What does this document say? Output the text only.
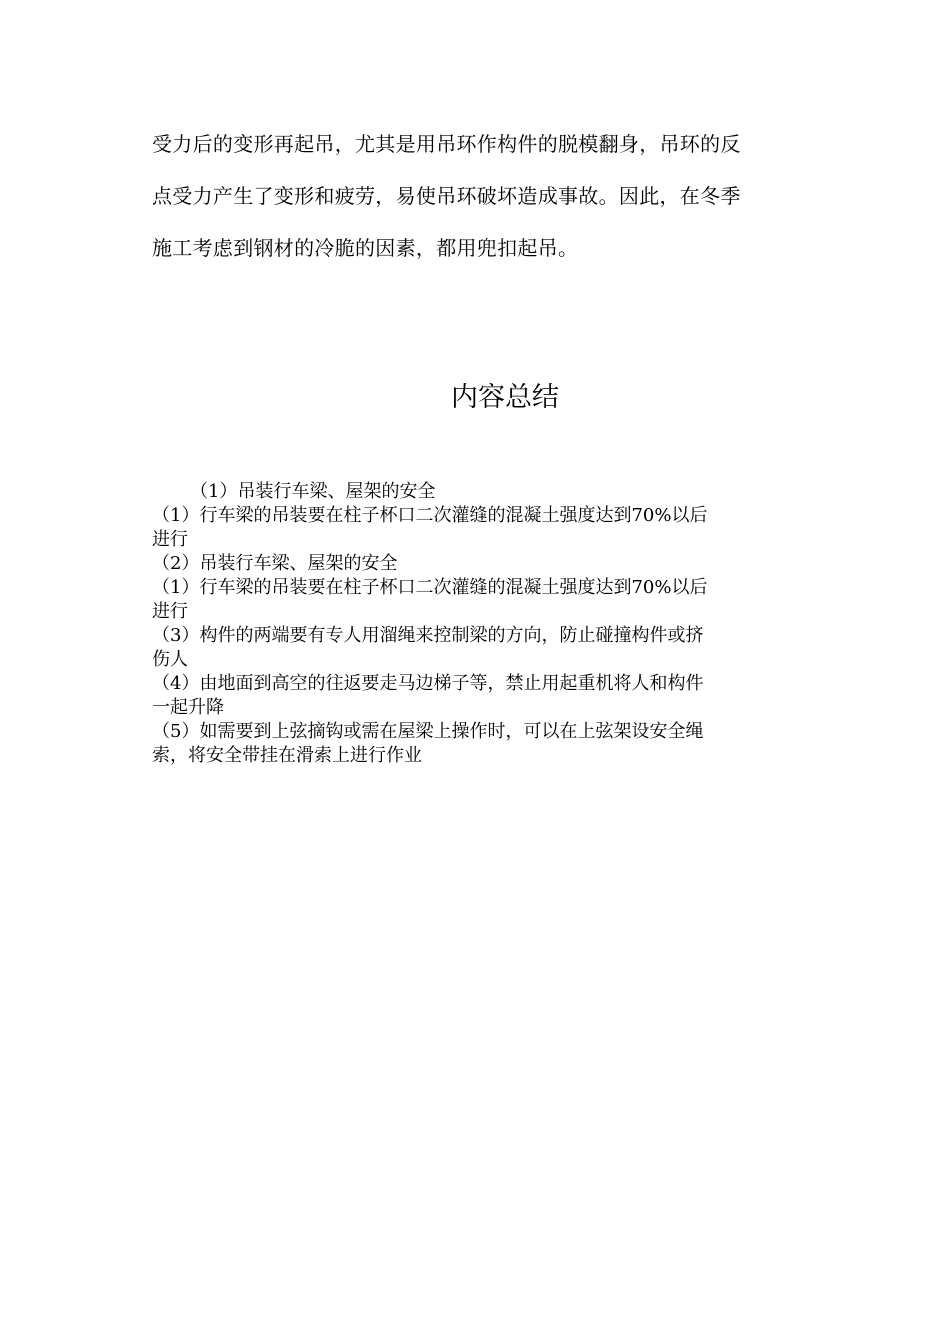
受力后的变形再起吊，尤其是用吊环作构件的脱模翻身，吊环的反

点受力产生了变形和疲劳，易使吊环破坏造成事故。因此，在冬季

施工考虑到钢材的冷脆的因素，都用兜扣起吊。

内容总结

（1）吊装行车梁、屋架的安全

（1）行车梁的吊装要在柱子杯口二次灌缝的混凝土强度达到70%以后

进行

（2）吊装行车梁、屋架的安全

（1）行车梁的吊装要在柱子杯口二次灌缝的混凝土强度达到70%以后

进行

（3）构件的两端要有专人用溜绳来控制梁的方向，防止碰撞构件或挤

伤人

（4）由地面到高空的往返要走马边梯子等，禁止用起重机将人和构件

一起升降

（5）如需要到上弦摘钩或需在屋梁上操作时，可以在上弦架设安全绳

索，将安全带挂在滑索上进行作业
